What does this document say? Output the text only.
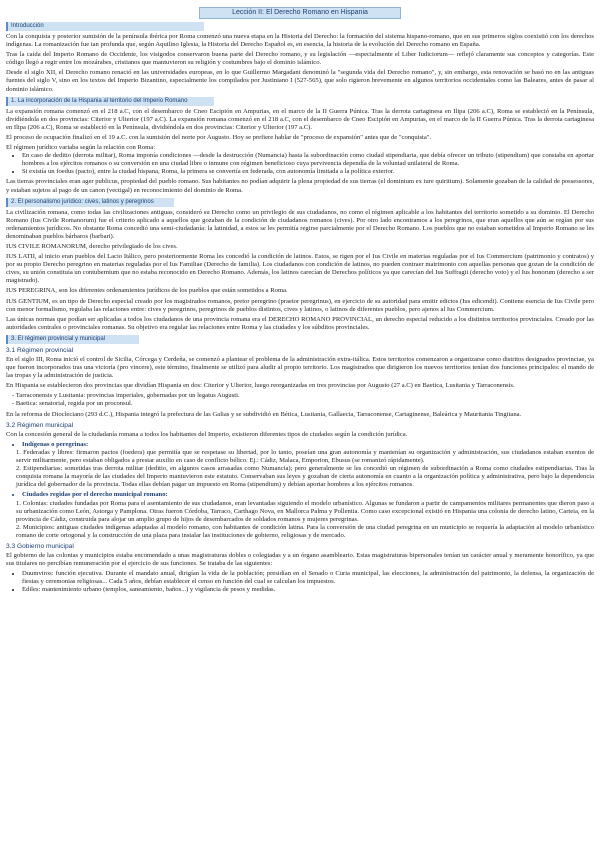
Lección II: El Derecho Romano en Hispania
Introducción

Con la conquista y posterior sumisión de la península ibérica por Roma comenzó una nueva etapa en la Historia del Derecho: la formación del sistema hispano-romano, que en sus primeros siglos coexistió con los derechos indígenas. La romanización fue tan profunda que, según Aquilino Iglesia, la Historia del Derecho Español es, en esencia, la historia de la evolución del Derecho romano en España.

Tras la caída del Imperio Romano de Occidente, los visigodos conservaron buena parte del Derecho romano, y su legislación —especialmente el Liber Iudiciorum— reflejó claramente sus conceptos y categorías. Este código llegó a regir entre los mozárabes, cristianos que mantuvieron su religión y costumbres bajo el dominio islámico.

Desde el siglo XII, el Derecho romano renació en las universidades europeas, en lo que Guillermo Margadant denominó la "segunda vida del Derecho romano", y, sin embargo, esta renovación se basó no en las antiguas fuentes del siglo V, sino en los textos del Imperio Bizantino, especialmente los compilados por Justiniano I (527-565), que solo rigieron brevemente en algunos territorios occidentales como las Baleares, antes de pasar al dominio islámico.

1. La incorporación de la Hispania al territorio del Imperio Romano

La expansión romana comenzó en el 218 a.C, con el desembarco de Cneo Escipión en Ampurias, en el marco de la II Guerra Púnica. Tras la derrota cartaginesa en Ilipa (206 a.C), Roma se estableció en la Península, dividiéndola en dos provincias: Citerior y Ulterior (197 a.C). La expansión romana comenzó en el 218 a.C, con el desembarco de Cneo Escipión en Ampurias, en el marco de la II Guerra Púnica. Tras la derrota cartaginesa en Ilipa (206 a.C), Roma se estableció en la Península, dividiéndola en dos provincias: Citerior y Ulterior (197 a.C).

El proceso de ocupación finalizó en el 19 a.C. con la sumisión del norte por Augusto. Hoy se prefiere hablar de "proceso de expansión" antes que de "conquista".

El régimen jurídico variaba según la relación con Roma:

• En caso de deditio (derrota militar), Roma imponía condiciones —desde la destrucción (Numancia) hasta la subordinación como ciudad stipendiaria, que debía ofrecer un tributo (stipendium) que constaba en aportar hombres a los ejércitos romanos o su conversión en una ciudad libre o inmune con régimen beneficioso cuya pervivencia dependía de la voluntad unilateral de Roma.
• Si existía un foedus (pacto), entre la ciudad hispana, Roma, la primera se convertía en federada, con autonomía limitada a la política exterior.

Las tierras provinciales eran ager publicus, propiedad del pueblo romano. Sus habitantes no podían adquirir la plena propiedad de sus tierras (el dominium ex iure quiritium). Solamente gozaban de la calidad de possessores, y estaban sujetos al pago de un canon (vectigal) en reconocimiento del dominio de Roma.

2. El personalismo jurídico: cives, latinos y peregrinos

La civilización romana, como todas las civilizaciones antiguas, consideró su Derecho como un privilegio de sus ciudadanos, no como el régimen aplicable a los habitantes del territorio sometido a su dominio. El Derecho Romano (Ius Civile Romanorum) fue el criterio aplicado a aquellos que gozaban de la condición de ciudadanos romanos (cives). Por otro lado encontramos a los peregrinos, que eran aquellos que aún se regían por sus ordenamientos jurídicos. No obstante Roma concedió una semi-ciudadanía: la latinidad, a estos se les permitía regirse parcialmente por el Derecho Romano. Los pueblos que no estaban sometidos al Imperio Romano se les denominaban pueblos bárbaros (barbari).

IUS CIVILE ROMANORUM, derecho privilegiado de los cives.

IUS LATII, al inicio eran pueblos del Lacio Itálico, pero posteriormente Roma les concedió la condición de latinos. Estos, se rigen por el Ius Civile en materias reguladas por el Ius Commercium (patrimonio y contratos) y por su propio Derecho peregrino en materias reguladas por el Ius Familiae (Derecho de familia). Los ciudadanos con condición de latinos, no pueden contraer matrimonio con aquellas personas que gozan de la condición de cives, su unión constituía un contubernium que no estaba reconocido en Derecho Romano. Además, los latinos carecían de Derechos políticos ya que carecían del Ius Suffragii (derecho voto) y el Ius honorum (derecho a ser magistrado).

IUS PEREGRINA, son los diferentes ordenamientos jurídicos de los pueblos que están sometidos a Roma.

IUS GENTIUM, es un tipo de Derecho especial creado por los magistrados romanos, pretor peregrino (praetor peregrinus), en ejercicio de su autoridad para emitir edictos (Ius edicendi). Contiene esencia de Ius Civile pero con menor formalismo, regulaba las relaciones entre: cives y peregrinos, peregrinos de pueblos distintos, cives y latinos, o latinos de diferentes pueblos, pero ajenos al Ius Commercium.

Las únicas normas que podían ser aplicadas a todos los ciudadanos de una provincia romana era el DERECHO ROMANO PROVINCIAL, un derecho especial reducido a los distintos territorios provinciales. Creado por las autoridades centrales o provinciales romanas. Su objetivo era regular las relaciones entre Roma y las ciudades y los súbditos provinciales.

3. El régimen provincial y municipal
3.1 Régimen provincial

En el siglo III, Roma inició el control de Sicilia, Córcega y Cerdeña, se comenzó a plantear el problema de la administración extra-itálica. Estos territorios comenzaron a organizarse como distritos designados provinciae, ya que fueron incorporados tras una victoria (pro vincere), este término, finalmente se utilizó para aludir al propio territorio. Los magistrados que dirigieron los nuevos territorios tenían dos funciones principales: el mando de las tropas y la administración de justicia.

En Hispania se establecieron dos provincias que dividían Hispania en dos: Citerior y Ulterior, luego reorganizadas en tres provincias por Augusto (27 a.C) en Baetica, Lusitania y Tarraconensis.

- Tarraconensis y Lusitania: provincias imperiales, gobernadas por un legatus Augusti.
- Baetica: senatorial, regida por un proconsul.

En la reforma de Diocleciano (293 d.C.), Hispania integró la prefectura de las Galias y se subdividió en Bética, Lusitania, Gallaecia, Tarraconense, Cartaginense, Baleárica y Mauritania Tingitana.

3.2 Régimen municipal

Con la concesión general de la ciudadanía romana a todos los habitantes del Imperio, existieron diferentes tipos de ciudades según la condición jurídica.

• Indígenas o peregrinas:
1. Federadas y libres: firmaron pactos (foedera) que permitía que se respetase su libertad, por lo tanto, poseían una gran autonomía y mantenían su organización y administración, sus ciudadanos estaban exentos de servir militarmente, pero estaban obligados a prestar auxilio en caso de conflicto bélico. Ej.: Cádiz, Malaca, Emporion, Ebusus (se romanizó rápidamente).
2. Estipendiarias: sometidas tras derrota militar (deditio, en algunos casos arrasadas como Numancia); pero generalmente se les concedió un régimen de subordinación a Roma como ciudades estipendiarias. Tras la conquista romana la mayoría de las ciudades del Imperio mantuvieron este estatuto. Conservaban sus leyes y gozaban de cierta autonomía en cuanto a la organización política y administrativa, pero bajo la dependencia jurídica del gobernador de la provincia. Todas ellas debían pagar un impuesto en Roma (stipendium) y debían aportar hombres a los ejércitos romanos.
• Ciudades regidas por el derecho municipal romano:
1. Colonias: ciudades fundadas por Roma para el asentamiento de sus ciudadanos, eran levantadas siguiendo el modelo urbanístico. Algunas se fundaron a partir de campamentos militares permanentes que dieron paso a su urbanización como León, Astorga y Pamplona. Otras fueron Córdoba, Tarraco, Carthago Nova, en Mallorca Palma y Pollentia. Como caso excepcional existió en Hispania una colonia de derecho latino, Carteia, en la provincia de Cádiz, construida para alojar un amplio grupo de hijos de desembarcados de soldados romanos y mujeres peregrinas.
2. Municipios: antiguas ciudades indígenas adaptadas al modelo romano, con habitantes de condición latina. Para la conversión de una ciudad peregrina en un municipio se requería la adaptación al modelo urbanístico romano de corte ortogonal y la construcción de una plaza para instalar las instituciones de gobierno, religiosas y de mercado.
3.3 Gobierno municipal

El gobierno de las colonias y municipios estaba encomendado a unas magistraturas dobles o colegiadas y a un órgano asambleario. Estas magistraturas bipersonales tenían un carácter anual y meramente honorífico, ya que sus titulares no percibían remuneración por el ejercicio de sus funciones. Se trataba de las siguientes:

• Duumviros: función ejecutiva. Durante el mandato anual, dirigían la vida de la población; presidían en el Senado o Curia municipal, las elecciones, la administración del patrimonio, la defensa, la organización de fiestas y ceremonias religiosas... Cada 5 años, debían establecer el censo en función del cual se calculan los impuestos.
• Ediles: mantenimiento urbano (templos, saneamiento, baños...) y vigilancia de pesos y medidas.
